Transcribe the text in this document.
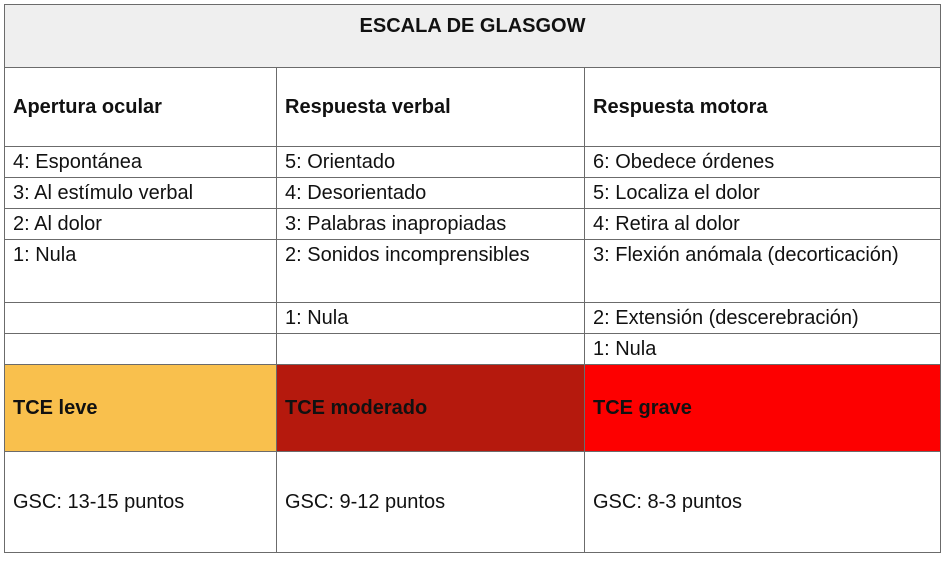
ESCALA DE GLASGOW		
Apertura ocular	Respuesta verbal	Respuesta motora
4: Espontánea	5: Orientado	6: Obedece órdenes
3: Al estímulo verbal	4: Desorientado	5: Localiza el dolor
2: Al dolor	3: Palabras inapropiadas	4: Retira al dolor
1: Nula	2: Sonidos incomprensibles	3: Flexión anómala (decorticación)
	1: Nula	2: Extensión (descerebración)
		1: Nula
TCE leve	TCE moderado	TCE grave
GSC: 13-15 puntos	GSC: 9-12 puntos	GSC: 8-3 puntos
